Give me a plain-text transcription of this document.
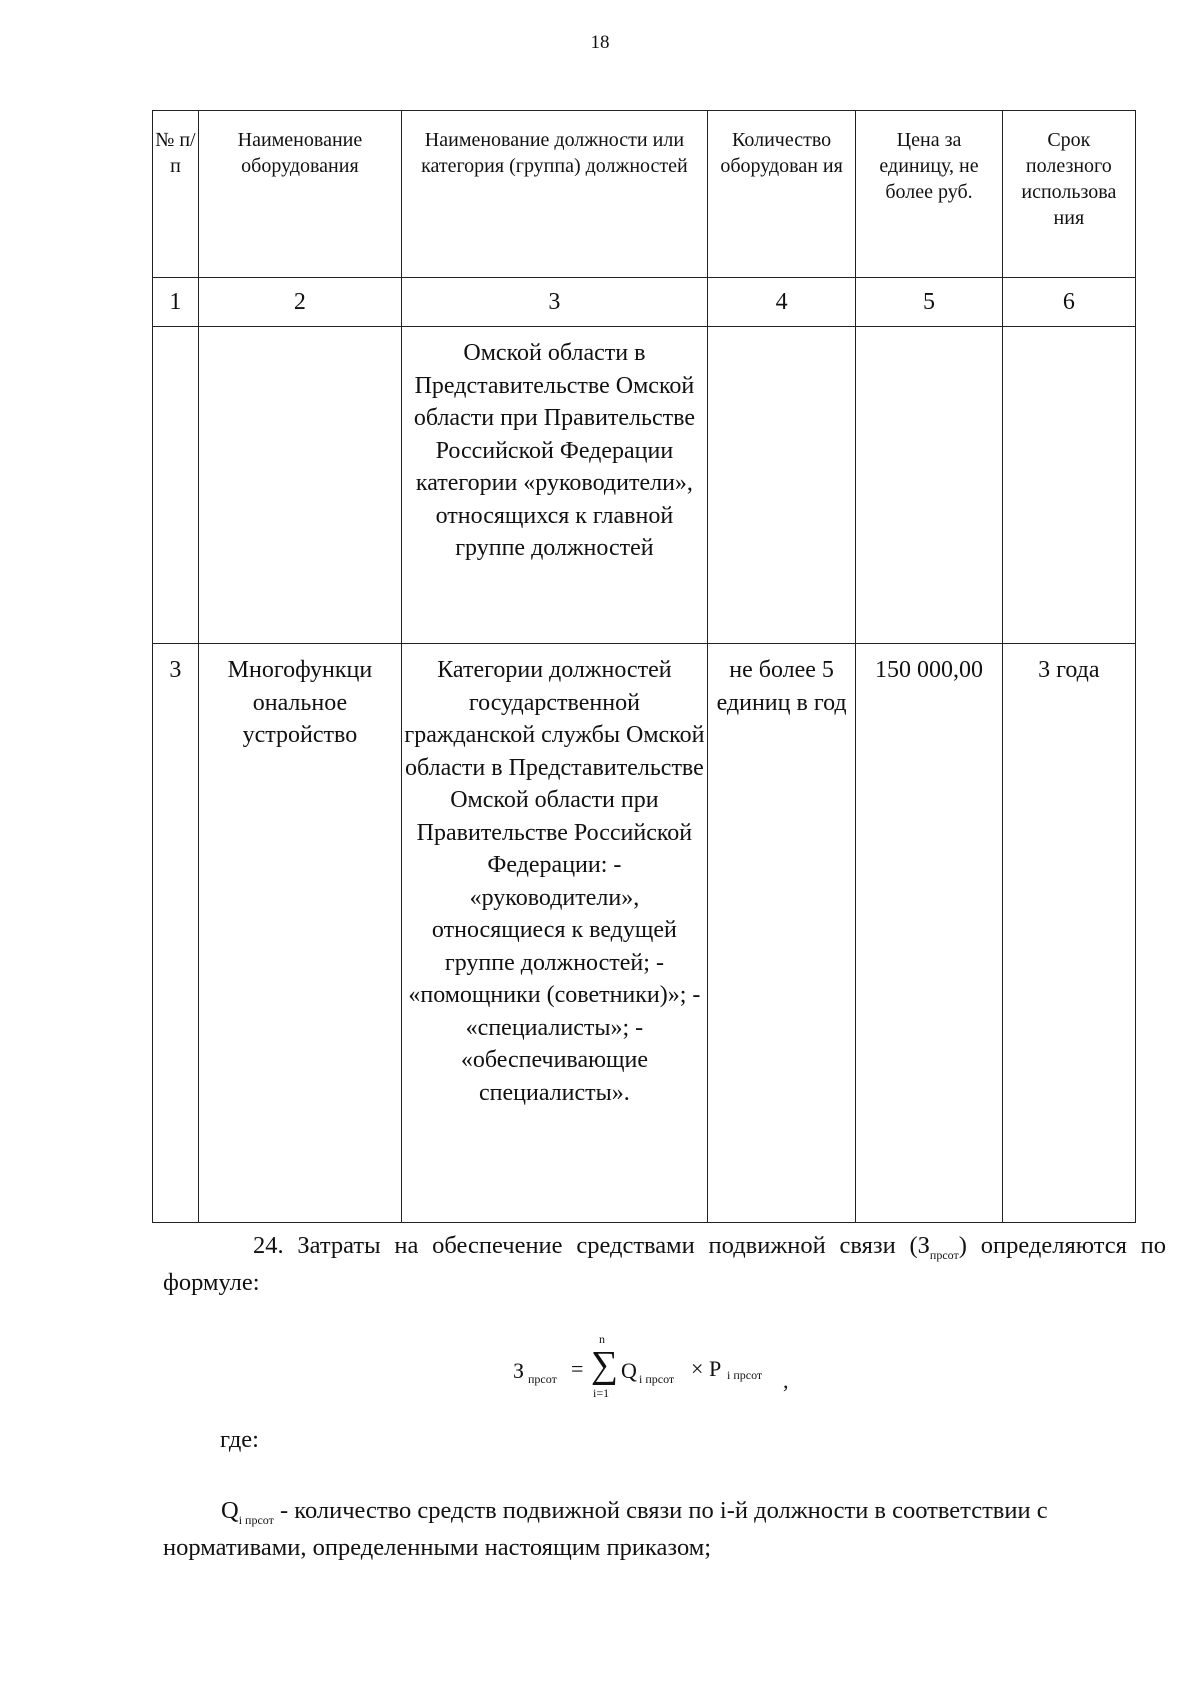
18
№ п/п	Наименование оборудования	Наименование должности или категория (группа) должностей	Количество оборудован ия	Цена за единицу, не более руб.	Срок полезного использова ния
1	2	3	4	5	6
		Омской области в Представительстве Омской области при Правительстве Российской Федерации категории «руководители», относящихся к главной группе должностей			
3	Многофункци ональное устройство	Категории должностей государственной гражданской службы Омской области в Представительстве Омской области при Правительстве Российской Федерации: - «руководители», относящиеся к ведущей группе должностей; - «помощники (советники)»; - «специалисты»; - «обеспечивающие специалисты».	не более 5 единиц в год	150 000,00	3 года
24. Затраты на обеспечение средствами подвижной связи $(З_{прсот})$ определяются по формуле:
З прсот =
n
∑
i=1
Q i прсот × P i прсот ,
где:
$Q_{i прсот}$ - количество средств подвижной связи по i-й должности в соответствии с нормативами, определенными настоящим приказом;
